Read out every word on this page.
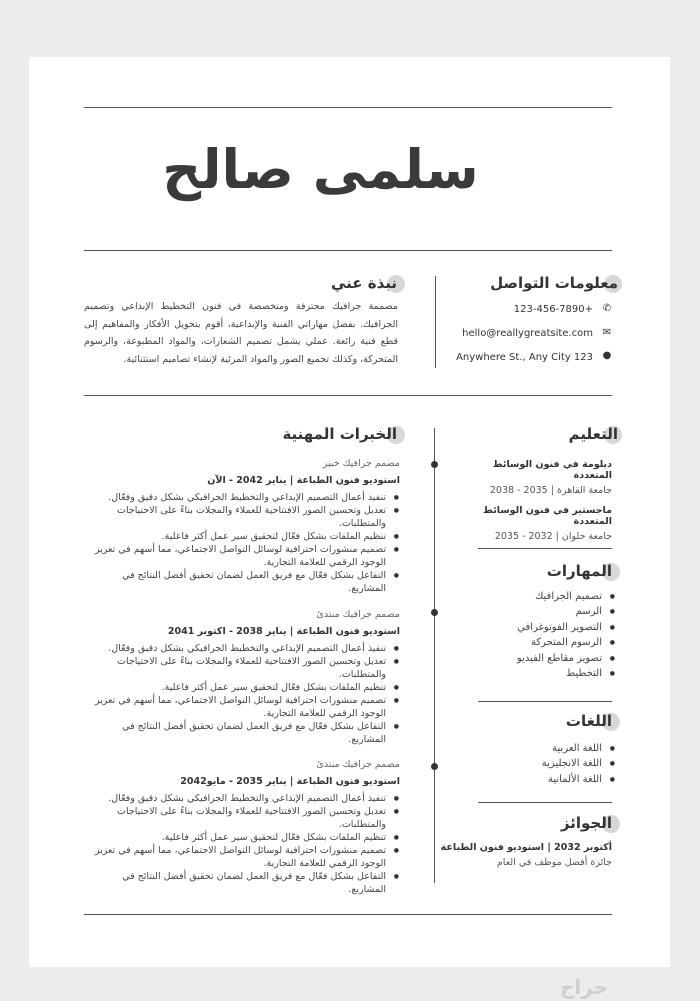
سلمى صالح
معلومات التواصل
✆
123-456-7890+
✉
hello@reallygreatsite.com
●
Anywhere St., Any City 123
نبذة عني
مصممة جرافيك محترفة ومتخصصة في فنون التخطيط الإبداعي وتصميم الجرافيك. بفضل مهاراتي الفنية والإبداعية، أقوم بتحويل الأفكار والمفاهيم إلى قطع فنية رائعة. عملي يشمل تصميم الشعارات، والمواد المطبوعة، والرسوم المتحركة، وكذلك تجميع الصور والمواد المرئية لإنشاء تصاميم استثنائية.
التعليم
دبلومة في فنون الوسائط المتعددة
جامعة القاهرة | 2035 - 2038
ماجستير في فنون الوسائط المتعددة
جامعة حلوان | 2032 - 2035
المهارات
● تصميم الجرافيك
● الرسم
● التصوير الفوتوغرافي
● الرسوم المتحركة
● تصوير مقاطع الفيديو
● التخطيط
اللغات
● اللغة العربية
● اللغة الانجليزية
● اللغة الألمانية
الجوائز
أكتوبر 2032 | استوديو فنون الطباعة
جائزة أفضل موظف في العام
الخبرات المهنية
مصمم جرافيك خبير
استوديو فنون الطباعة | يناير 2042 - الآن
● تنفيذ أعمال التصميم الإبداعي والتخطيط الجرافيكي بشكل دقيق وفعّال.
● تعديل وتحسين الصور الافتتاحية للعملاء والمجلات بناءً على الاحتياجات والمتطلبات.
● تنظيم الملفات بشكل فعّال لتحقيق سير عمل أكثر فاعلية.
● تصميم منشورات احترافية لوسائل التواصل الاجتماعي، مما أسهم في تعزيز الوجود الرقمي للعلامة التجارية.
● التفاعل بشكل فعّال مع فريق العمل لضمان تحقيق أفضل النتائج في المشاريع.
مصمم جرافيك مبتدئ
استوديو فنون الطباعة | يناير 2038 - اكتوبر 2041
● تنفيذ أعمال التصميم الإبداعي والتخطيط الجرافيكي بشكل دقيق وفعّال.
● تعديل وتحسين الصور الافتتاحية للعملاء والمجلات بناءً على الاحتياجات والمتطلبات.
● تنظيم الملفات بشكل فعّال لتحقيق سير عمل أكثر فاعلية.
● تصميم منشورات احترافية لوسائل التواصل الاجتماعي، مما أسهم في تعزيز الوجود الرقمي للعلامة التجارية.
● التفاعل بشكل فعّال مع فريق العمل لضمان تحقيق أفضل النتائج في المشاريع.
مصمم جرافيك مبتدئ
استوديو فنون الطباعة | يناير 2035 - مايو2042
● تنفيذ أعمال التصميم الإبداعي والتخطيط الجرافيكي بشكل دقيق وفعّال.
● تعديل وتحسين الصور الافتتاحية للعملاء والمجلات بناءً على الاحتياجات والمتطلبات.
● تنظيم الملفات بشكل فعّال لتحقيق سير عمل أكثر فاعلية.
● تصميم منشورات احترافية لوسائل التواصل الاجتماعي، مما أسهم في تعزيز الوجود الرقمي للعلامة التجارية.
● التفاعل بشكل فعّال مع فريق العمل لضمان تحقيق أفضل النتائج في المشاريع.
حراج
